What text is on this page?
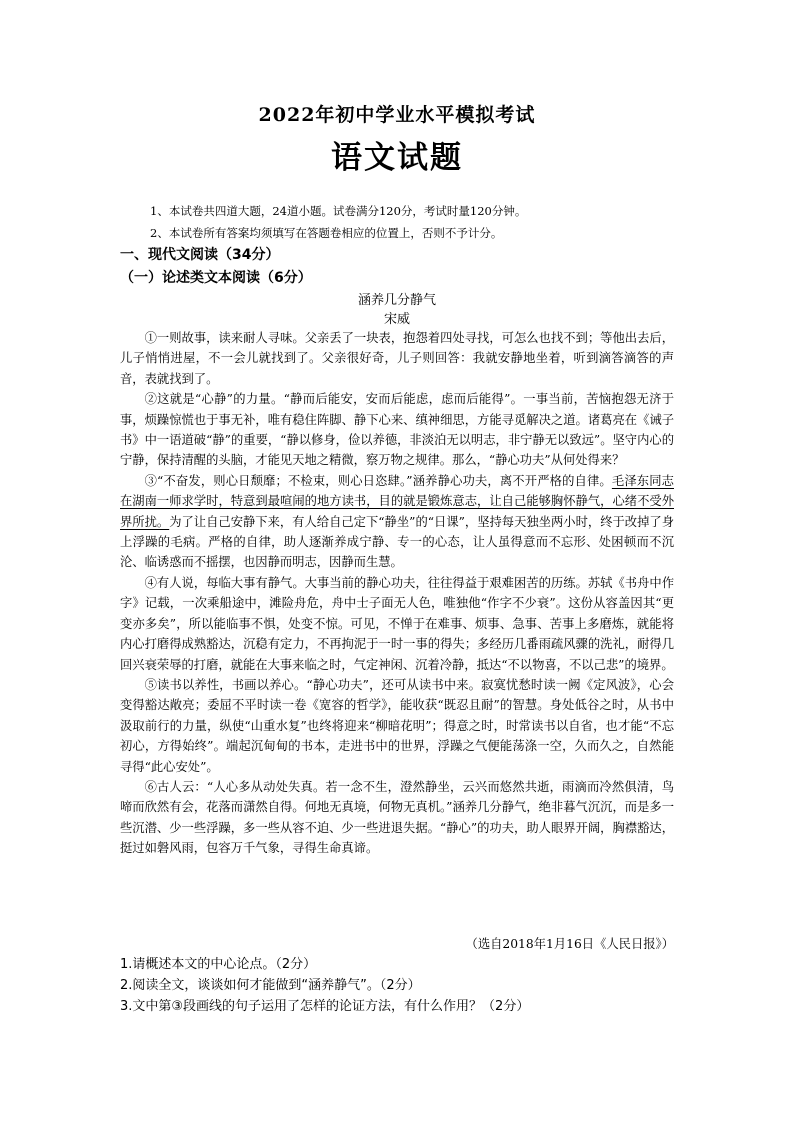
2022年初中学业水平模拟考试
语文试题
1、本试卷共四道大题，24道小题。试卷满分120分，考试时量120分钟。
2、本试卷所有答案均须填写在答题卷相应的位置上，否则不予计分。
一、现代文阅读（34分）
（一）论述类文本阅读（6分）
涵养几分静气
宋威

①一则故事，读来耐人寻味。父亲丢了一块表，抱怨着四处寻找，可怎么也找不到；等他出去后，儿子悄悄进屋，不一会儿就找到了。父亲很好奇，儿子则回答：我就安静地坐着，听到滴答滴答的声音，表就找到了。

②这就是“心静”的力量。“静而后能安，安而后能虑，虑而后能得”。一事当前，苦恼抱怨无济于事，烦躁惊慌也于事无补，唯有稳住阵脚、静下心来、缜神细思，方能寻觅解决之道。诸葛亮在《诫子书》中一语道破“静”的重要，“静以修身，俭以养德，非淡泊无以明志，非宁静无以致远”。坚守内心的宁静，保持清醒的头脑，才能见天地之精微，察万物之规律。那么，“静心功夫”从何处得来？

③“不奋发，则心日颓靡；不检束，则心日恣肆。”涵养静心功夫，离不开严格的自律。毛泽东同志在湖南一师求学时，特意到最喧闹的地方读书，目的就是锻炼意志，让自己能够胸怀静气，心绪不受外界所扰。为了让自己安静下来，有人给自己定下“静坐”的“日课”，坚持每天独坐两小时，终于改掉了身上浮躁的毛病。严格的自律，助人逐渐养成宁静、专一的心态，让人虽得意而不忘形、处困顿而不沉沦、临诱惑而不摇摆，也因静而明志，因静而生慧。

④有人说，每临大事有静气。大事当前的静心功夫，往往得益于艰难困苦的历练。苏轼《书舟中作字》记载，一次乘船途中，滩险舟危，舟中士子面无人色，唯独他“作字不少衰”。这份从容盖因其“更变亦多矣”，所以能临事不惧，处变不惊。可见，不惮于在难事、烦事、急事、苦事上多磨炼，就能将内心打磨得成熟豁达，沉稳有定力，不再拘泥于一时一事的得失；多经历几番雨疏风骤的洗礼，耐得几回兴衰荣辱的打磨，就能在大事来临之时，气定神闲、沉着冷静，抵达“不以物喜，不以己悲”的境界。

⑤读书以养性，书画以养心。“静心功夫”，还可从读书中来。寂寞忧愁时读一阙《定风波》，心会变得豁达敞亮；委屈不平时读一卷《宽容的哲学》，能收获“既忍且耐”的智慧。身处低谷之时，从书中汲取前行的力量，纵使“山重水复”也终将迎来“柳暗花明”；得意之时，时常读书以自省，也才能“不忘初心，方得始终”。端起沉甸甸的书本，走进书中的世界，浮躁之气便能荡涤一空，久而久之，自然能寻得“此心安处”。

⑥古人云：“人心多从动处失真。若一念不生，澄然静坐，云兴而悠然共逝，雨滴而冷然俱清，鸟啼而欣然有会，花落而潇然自得。何地无真境，何物无真机。”涵养几分静气，绝非暮气沉沉，而是多一些沉潜、少一些浮躁，多一些从容不迫、少一些进退失据。“静心”的功夫，助人眼界开阔，胸襟豁达，挺过如磐风雨，包容万千气象，寻得生命真谛。

（选自2018年1月16日《人民日报》）
1.请概述本文的中心论点。（2分）
2.阅读全文，谈谈如何才能做到“涵养静气”。（2分）
3.文中第③段画线的句子运用了怎样的论证方法，有什么作用？（2分）
